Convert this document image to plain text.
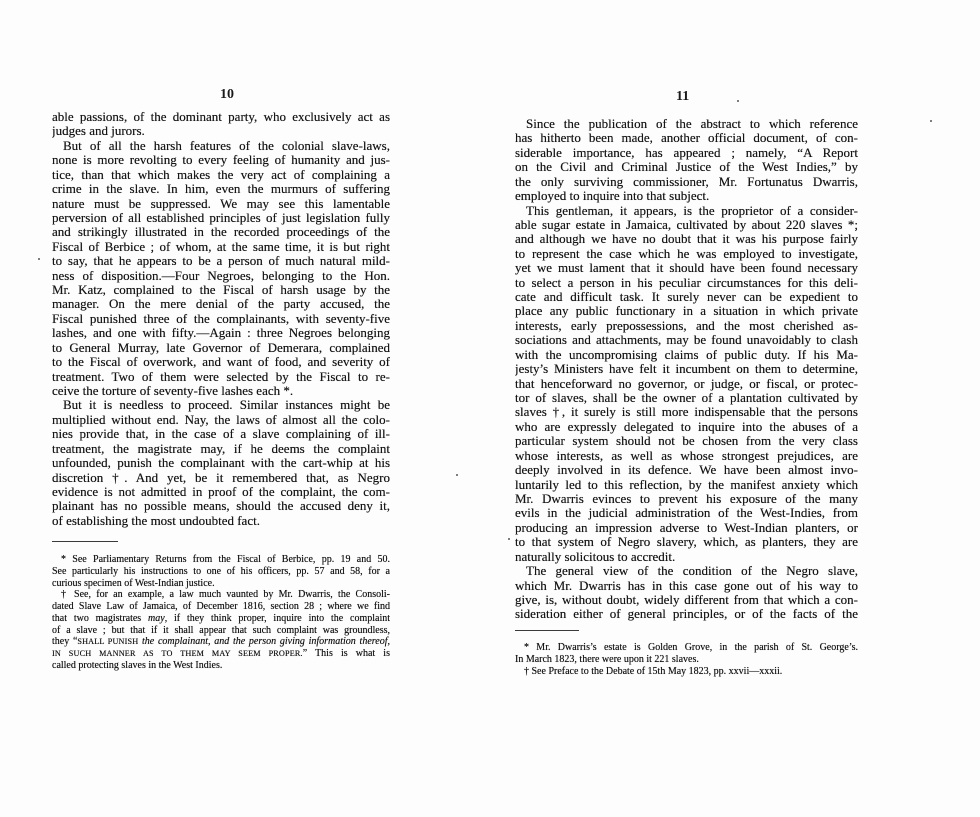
10
able passions, of the dominant party, who exclusively act as
judges and jurors.
But of all the harsh features of the colonial slave-laws,
none is more revolting to every feeling of humanity and jus-
tice, than that which makes the very act of complaining a
crime in the slave. In him, even the murmurs of suffering
nature must be suppressed. We may see this lamentable
perversion of all established principles of just legislation fully
and strikingly illustrated in the recorded proceedings of the
Fiscal of Berbice ; of whom, at the same time, it is but right
to say, that he appears to be a person of much natural mild-
ness of disposition.—Four Negroes, belonging to the Hon.
Mr. Katz, complained to the Fiscal of harsh usage by the
manager. On the mere denial of the party accused, the
Fiscal punished three of the complainants, with seventy-five
lashes, and one with fifty.—Again : three Negroes belonging
to General Murray, late Governor of Demerara, complained
to the Fiscal of overwork, and want of food, and severity of
treatment. Two of them were selected by the Fiscal to re-
ceive the torture of seventy-five lashes each *.
But it is needless to proceed. Similar instances might be
multiplied without end. Nay, the laws of almost all the colo-
nies provide that, in the case of a slave complaining of ill-
treatment, the magistrate may, if he deems the complaint
unfounded, punish the complainant with the cart-whip at his
discretion †. And yet, be it remembered that, as Negro
evidence is not admitted in proof of the complaint, the com-
plainant has no possible means, should the accused deny it,
of establishing the most undoubted fact.
* See Parliamentary Returns from the Fiscal of Berbice, pp. 19 and 50.
See particularly his instructions to one of his officers, pp. 57 and 58, for a
curious specimen of West-Indian justice.
† See, for an example, a law much vaunted by Mr. Dwarris, the Consoli-
dated Slave Law of Jamaica, of December 1816, section 28 ; where we find
that two magistrates may, if they think proper, inquire into the complaint
of a slave ; but that if it shall appear that such complaint was groundless,
they “SHALL PUNISH the complainant, and the person giving information thereof,
IN SUCH MANNER AS TO THEM MAY SEEM PROPER.” This is what is
called protecting slaves in the West Indies.
11
Since the publication of the abstract to which reference
has hitherto been made, another official document, of con-
siderable importance, has appeared ; namely, “A Report
on the Civil and Criminal Justice of the West Indies,” by
the only surviving commissioner, Mr. Fortunatus Dwarris,
employed to inquire into that subject.
This gentleman, it appears, is the proprietor of a consider-
able sugar estate in Jamaica, cultivated by about 220 slaves *;
and although we have no doubt that it was his purpose fairly
to represent the case which he was employed to investigate,
yet we must lament that it should have been found necessary
to select a person in his peculiar circumstances for this deli-
cate and difficult task. It surely never can be expedient to
place any public functionary in a situation in which private
interests, early prepossessions, and the most cherished as-
sociations and attachments, may be found unavoidably to clash
with the uncompromising claims of public duty. If his Ma-
jesty’s Ministers have felt it incumbent on them to determine,
that henceforward no governor, or judge, or fiscal, or protec-
tor of slaves, shall be the owner of a plantation cultivated by
slaves †, it surely is still more indispensable that the persons
who are expressly delegated to inquire into the abuses of a
particular system should not be chosen from the very class
whose interests, as well as whose strongest prejudices, are
deeply involved in its defence. We have been almost invo-
luntarily led to this reflection, by the manifest anxiety which
Mr. Dwarris evinces to prevent his exposure of the many
evils in the judicial administration of the West-Indies, from
producing an impression adverse to West-Indian planters, or
to that system of Negro slavery, which, as planters, they are
naturally solicitous to accredit.
The general view of the condition of the Negro slave,
which Mr. Dwarris has in this case gone out of his way to
give, is, without doubt, widely different from that which a con-
sideration either of general principles, or of the facts of the
* Mr. Dwarris’s estate is Golden Grove, in the parish of St. George’s.
In March 1823, there were upon it 221 slaves.
† See Preface to the Debate of 15th May 1823, pp. xxvii—xxxii.
